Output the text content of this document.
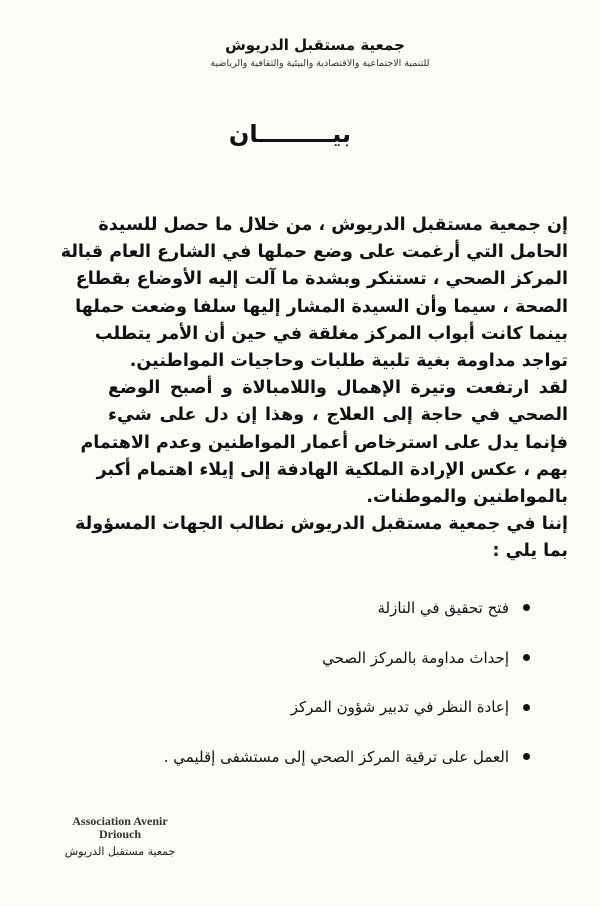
جمعية مستقبل الدريوش
للتنمية الاجتماعية والاقتصادية والبيئية والثقافية والرياضية
بيـــــــــان
إن جمعية مستقبل الدريوش ، من خلال ما حصل للسيدة
الحامل التي أرغمت على وضع حملها في الشارع العام قبالة
المركز الصحي ، تستنكر وبشدة ما آلت إليه الأوضاع بقطاع
الصحة ، سيما وأن السيدة المشار إليها سلفا وضعت حملها
بينما كانت أبواب المركز مغلقة في حين أن الأمر يتطلب
تواجد مداومة بغية تلبية طلبات وحاجيات المواطنين.
لقد ارتفعت وتيرة الإهمال واللامبالاة و أصبح الوضع
الصحي في حاجة إلى العلاج ، وهذا إن دل على شيء
فإنما يدل على استرخاص أعمار المواطنين وعدم الاهتمام
بهم ، عكس الإرادة الملكية الهادفة إلى إيلاء اهتمام أكبر
بالمواطنين والموطنات.
إننا في جمعية مستقبل الدريوش نطالب الجهات المسؤولة
بما يلي :
فتح تحقيق في النازلة
إحداث مداومة بالمركز الصحي
إعادة النظر في تدبير شؤون المركز
العمل على ترقية المركز الصحي إلى مستشفى إقليمي .
Association Avenir
Driouch
جمعية مستقبل الدريوش
